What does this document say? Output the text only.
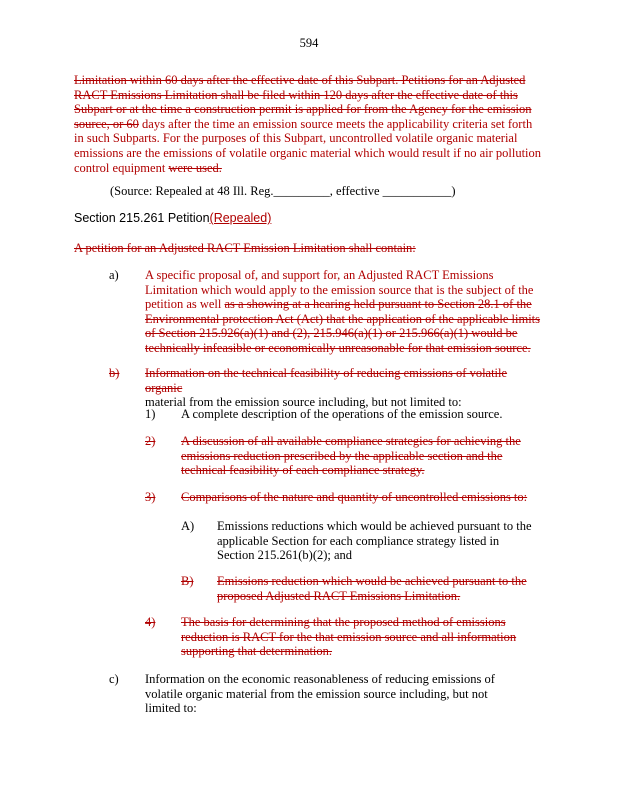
594
Limitation within 60 days after the effective date of this Subpart. Petitions for an Adjusted RACT Emissions Limitation shall be filed within 120 days after the effective date of this Subpart or at the time a construction permit is applied for from the Agency for the emission source, or 60 days after the time an emission source meets the applicability criteria set forth in such Subparts. For the purposes of this Subpart, uncontrolled volatile organic material emissions are the emissions of volatile organic material which would result if no air pollution control equipment were used.
(Source: Repealed at 48 Ill. Reg._________, effective ___________)
Section 215.261 Petition(Repealed)
A petition for an Adjusted RACT Emission Limitation shall contain:
a) A specific proposal of, and support for, an Adjusted RACT Emissions Limitation which would apply to the emission source that is the subject of the petition as well as a showing at a hearing held pursuant to Section 28.1 of the Environmental protection Act (Act) that the application of the applicable limits of Section 215.926(a)(1) and (2), 215.946(a)(1) or 215.966(a)(1) would be technically infeasible or economically unreasonable for that emission source.
b) Information on the technical feasibility of reducing emissions of volatile organic
material from the emission source including, but not limited to:
1) A complete description of the operations of the emission source.
2) A discussion of all available compliance strategies for achieving the emissions reduction prescribed by the applicable section and the technical feasibility of each compliance strategy.
3) Comparisons of the nature and quantity of uncontrolled emissions to:
A) Emissions reductions which would be achieved pursuant to the applicable Section for each compliance strategy listed in Section 215.261(b)(2); and
B) Emissions reduction which would be achieved pursuant to the proposed Adjusted RACT Emissions Limitation.
4) The basis for determining that the proposed method of emissions reduction is RACT for the that emission source and all information supporting that determination.
c) Information on the economic reasonableness of reducing emissions of volatile organic material from the emission source including, but not limited to:
